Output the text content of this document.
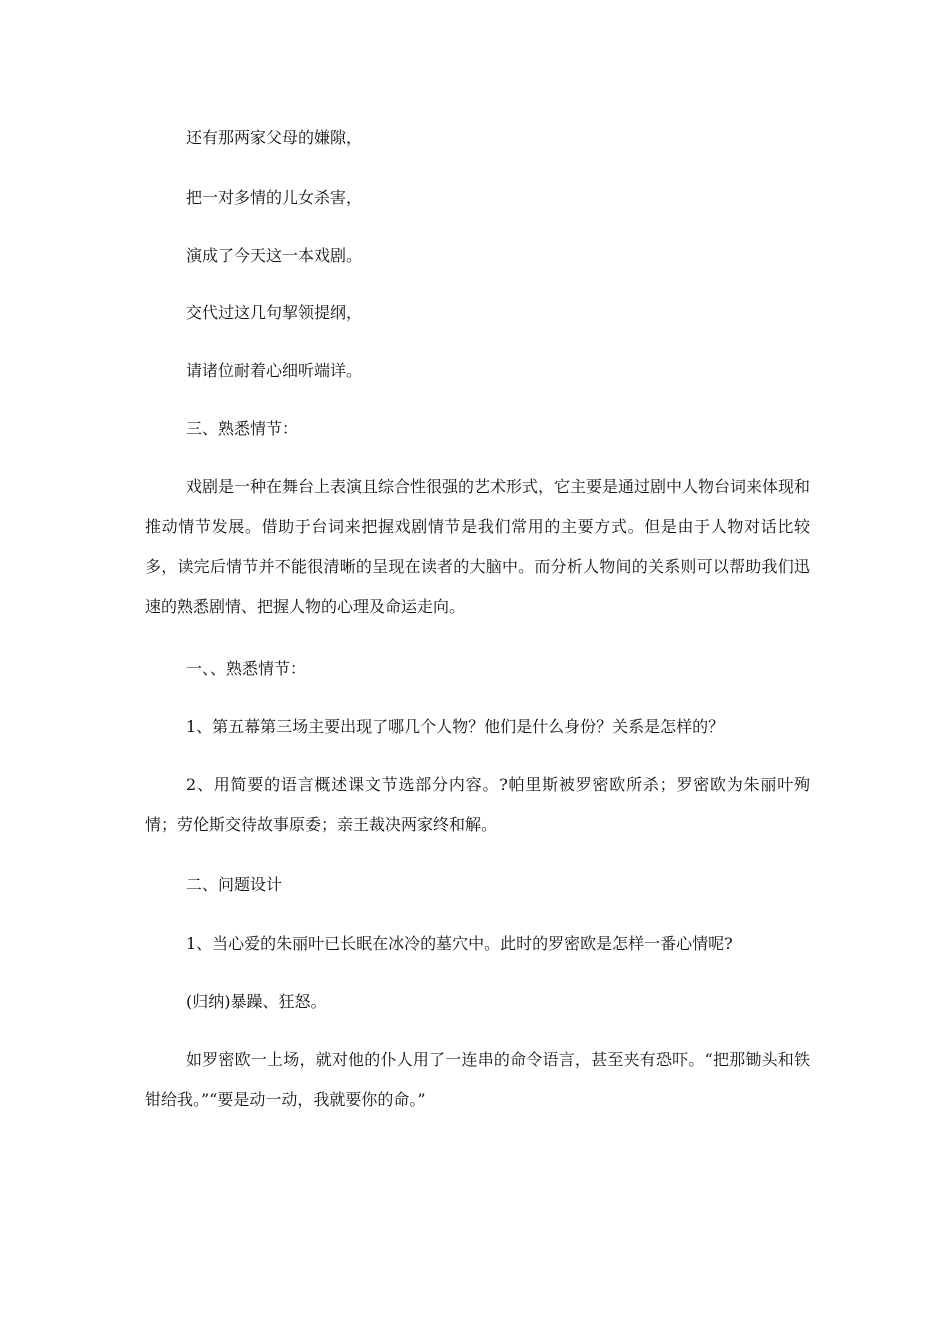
还有那两家父母的嫌隙，
把一对多情的儿女杀害，
演成了今天这一本戏剧。
交代过这几句挈领提纲，
请诸位耐着心细听端详。
三、熟悉情节：
戏剧是一种在舞台上表演且综合性很强的艺术形式，它主要是通过剧中人物台词来体现和推动情节发展。借助于台词来把握戏剧情节是我们常用的主要方式。但是由于人物对话比较多，读完后情节并不能很清晰的呈现在读者的大脑中。而分析人物间的关系则可以帮助我们迅速的熟悉剧情、把握人物的心理及命运走向。
一、、熟悉情节：
1、第五幕第三场主要出现了哪几个人物？他们是什么身份？关系是怎样的？
2、用简要的语言概述课文节选部分内容。?帕里斯被罗密欧所杀；罗密欧为朱丽叶殉情；劳伦斯交待故事原委；亲王裁决两家终和解。
二、问题设计
1、当心爱的朱丽叶已长眠在冰冷的墓穴中。此时的罗密欧是怎样一番心情呢?
(归纳)暴躁、狂怒。
如罗密欧一上场，就对他的仆人用了一连串的命令语言，甚至夹有恐吓。“把那锄头和铁钳给我。”“要是动一动，我就要你的命。”
